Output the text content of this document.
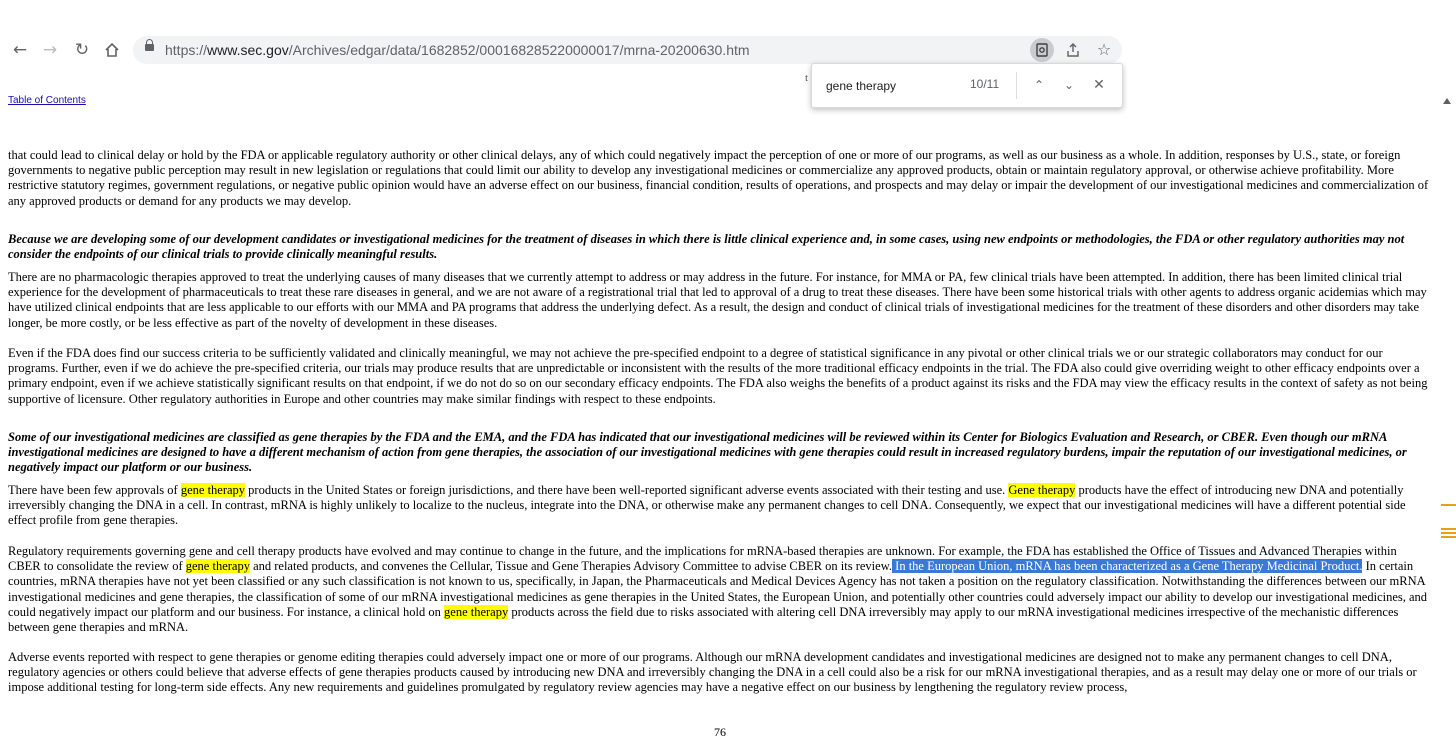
← → ↻	https://www.sec.gov/Archives/edgar/data/1682852/000168285220000017/mrna-20200630.htm	☆
gene therapy
10/11	⌃	⌄	✕
t
Table of Contents

that could lead to clinical delay or hold by the FDA or applicable regulatory authority or other clinical delays, any of which could negatively impact the perception of one or more of our programs, as well as our business as a whole. In addition, responses by U.S., state, or foreign governments to negative public perception may result in new legislation or regulations that could limit our ability to develop any investigational medicines or commercialize any approved products, obtain or maintain regulatory approval, or otherwise achieve profitability. More restrictive statutory regimes, government regulations, or negative public opinion would have an adverse effect on our business, financial condition, results of operations, and prospects and may delay or impair the development of our investigational medicines and commercialization of any approved products or demand for any products we may develop.

Because we are developing some of our development candidates or investigational medicines for the treatment of diseases in which there is little clinical experience and, in some cases, using new endpoints or methodologies, the FDA or other regulatory authorities may not consider the endpoints of our clinical trials to provide clinically meaningful results.

There are no pharmacologic therapies approved to treat the underlying causes of many diseases that we currently attempt to address or may address in the future. For instance, for MMA or PA, few clinical trials have been attempted. In addition, there has been limited clinical trial experience for the development of pharmaceuticals to treat these rare diseases in general, and we are not aware of a registrational trial that led to approval of a drug to treat these diseases. There have been some historical trials with other agents to address organic acidemias which may have utilized clinical endpoints that are less applicable to our efforts with our MMA and PA programs that address the underlying defect. As a result, the design and conduct of clinical trials of investigational medicines for the treatment of these disorders and other disorders may take longer, be more costly, or be less effective as part of the novelty of development in these diseases.

Even if the FDA does find our success criteria to be sufficiently validated and clinically meaningful, we may not achieve the pre-specified endpoint to a degree of statistical significance in any pivotal or other clinical trials we or our strategic collaborators may conduct for our programs. Further, even if we do achieve the pre-specified criteria, our trials may produce results that are unpredictable or inconsistent with the results of the more traditional efficacy endpoints in the trial. The FDA also could give overriding weight to other efficacy endpoints over a primary endpoint, even if we achieve statistically significant results on that endpoint, if we do not do so on our secondary efficacy endpoints. The FDA also weighs the benefits of a product against its risks and the FDA may view the efficacy results in the context of safety as not being supportive of licensure. Other regulatory authorities in Europe and other countries may make similar findings with respect to these endpoints.

Some of our investigational medicines are classified as gene therapies by the FDA and the EMA, and the FDA has indicated that our investigational medicines will be reviewed within its Center for Biologics Evaluation and Research, or CBER. Even though our mRNA investigational medicines are designed to have a different mechanism of action from gene therapies, the association of our investigational medicines with gene therapies could result in increased regulatory burdens, impair the reputation of our investigational medicines, or negatively impact our platform or our business.

There have been few approvals of gene therapy products in the United States or foreign jurisdictions, and there have been well-reported significant adverse events associated with their testing and use. Gene therapy products have the effect of introducing new DNA and potentially irreversibly changing the DNA in a cell. In contrast, mRNA is highly unlikely to localize to the nucleus, integrate into the DNA, or otherwise make any permanent changes to cell DNA. Consequently, we expect that our investigational medicines will have a different potential side effect profile from gene therapies.

Regulatory requirements governing gene and cell therapy products have evolved and may continue to change in the future, and the implications for mRNA-based therapies are unknown. For example, the FDA has established the Office of Tissues and Advanced Therapies within CBER to consolidate the review of gene therapy and related products, and convenes the Cellular, Tissue and Gene Therapies Advisory Committee to advise CBER on its review. In the European Union, mRNA has been characterized as a Gene Therapy Medicinal Product. In certain countries, mRNA therapies have not yet been classified or any such classification is not known to us, specifically, in Japan, the Pharmaceuticals and Medical Devices Agency has not taken a position on the regulatory classification. Notwithstanding the differences between our mRNA investigational medicines and gene therapies, the classification of some of our mRNA investigational medicines as gene therapies in the United States, the European Union, and potentially other countries could adversely impact our ability to develop our investigational medicines, and could negatively impact our platform and our business. For instance, a clinical hold on gene therapy products across the field due to risks associated with altering cell DNA irreversibly may apply to our mRNA investigational medicines irrespective of the mechanistic differences between gene therapies and mRNA.

Adverse events reported with respect to gene therapies or genome editing therapies could adversely impact one or more of our programs. Although our mRNA development candidates and investigational medicines are designed not to make any permanent changes to cell DNA, regulatory agencies or others could believe that adverse effects of gene therapies products caused by introducing new DNA and irreversibly changing the DNA in a cell could also be a risk for our mRNA investigational therapies, and as a result may delay one or more of our trials or impose additional testing for long-term side effects. Any new requirements and guidelines promulgated by regulatory review agencies may have a negative effect on our business by lengthening the regulatory review process,

76
